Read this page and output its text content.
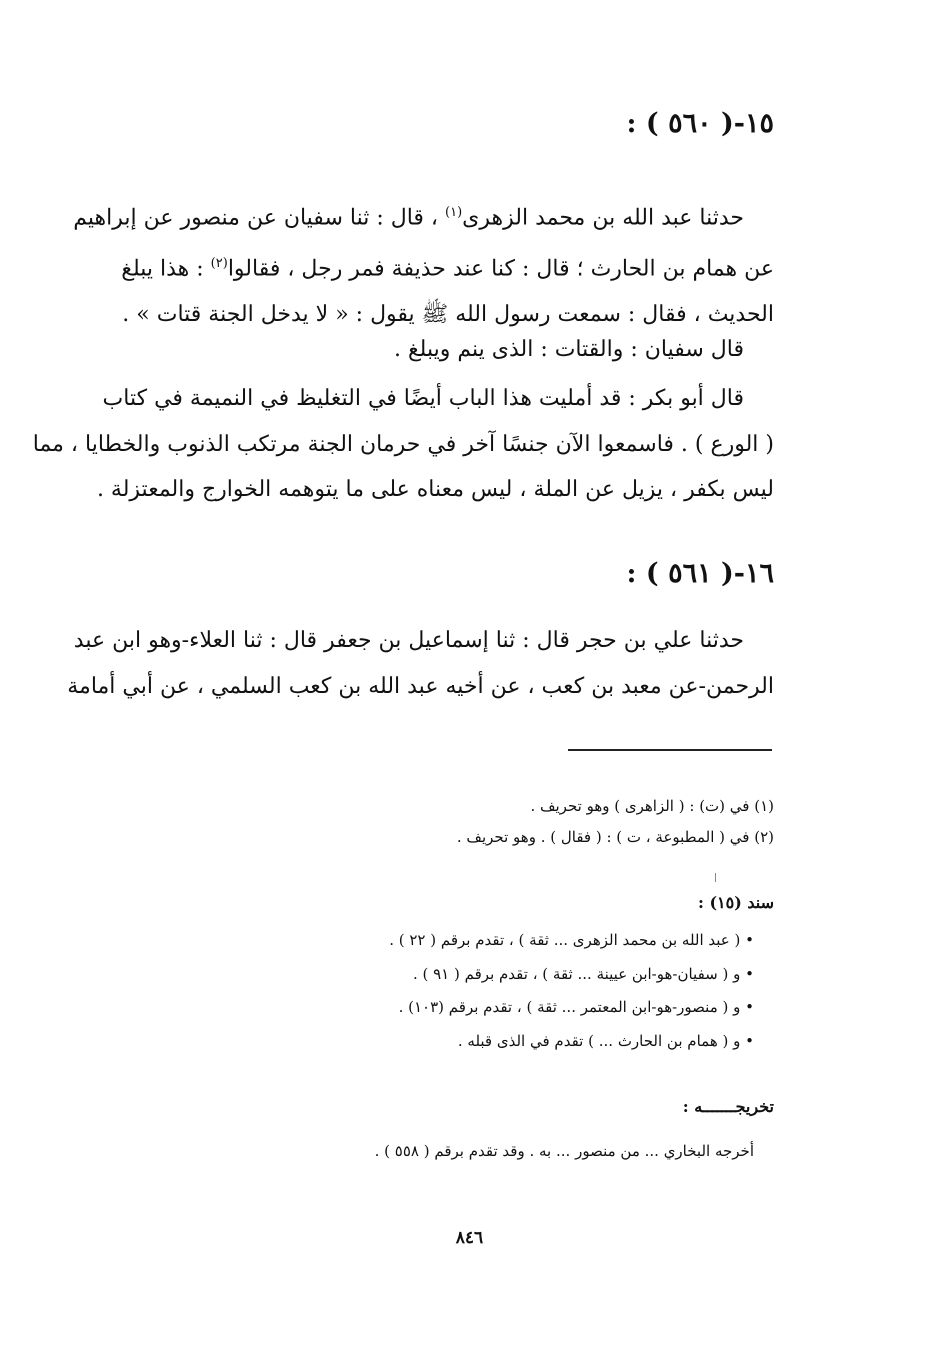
١٥-( ٥٦٠ ) :
حدثنا عبد الله بن محمد الزهرى$^{(١)}$ ، قال : ثنا سفيان عن منصور عن إبراهيم
عن همام بن الحارث ؛ قال : كنا عند حذيفة فمر رجل ، فقالوا$^{(٢)}$ : هذا يبلغ
الحديث ، فقال : سمعت رسول الله ﷺ يقول : « لا يدخل الجنة قتات » .
قال سفيان : والقتات : الذى ينم ويبلغ .
قال أبو بكر : قد أمليت هذا الباب أيضًا في التغليظ في النميمة في كتاب
( الورع ) . فاسمعوا الآن جنسًا آخر في حرمان الجنة مرتكب الذنوب والخطايا ، مما
ليس بكفر ، يزيل عن الملة ، ليس معناه على ما يتوهمه الخوارج والمعتزلة .
١٦-( ٥٦١ ) :
حدثنا علي بن حجر قال : ثنا إسماعيل بن جعفر قال : ثنا العلاء-وهو ابن عبد
الرحمن-عن معبد بن كعب ، عن أخيه عبد الله بن كعب السلمي ، عن أبي أمامة
(١) في (ت) : ( الزاهرى ) وهو تحريف .
(٢) في ( المطبوعة ، ت ) : ( فقال ) . وهو تحريف .
سند (١٥) :
• ( عبد الله بن محمد الزهرى ... ثقة ) ، تقدم برقم ( ٢٢ ) .
• و ( سفيان-هو-ابن عيينة ... ثقة ) ، تقدم برقم ( ٩١ ) .
• و ( منصور-هو-ابن المعتمر ... ثقة ) ، تقدم برقم (١٠٣) .
• و ( همام بن الحارث ... ) تقدم في الذى قبله .
تخريجـــــــه :
أخرجه البخاري ... من منصور ... به . وقد تقدم برقم ( ٥٥٨ ) .
٨٤٦
